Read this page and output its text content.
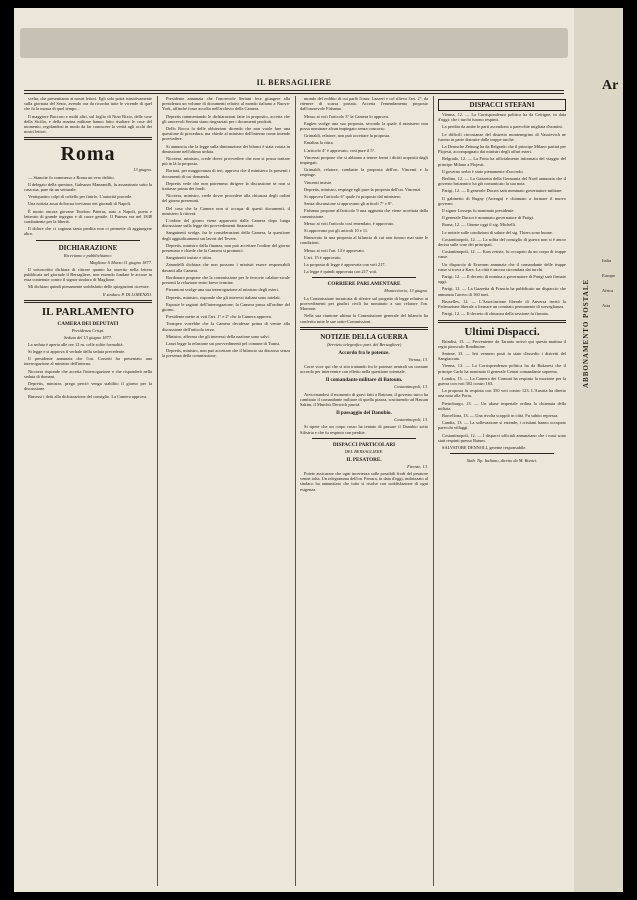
IL BERSAGLIERE

scelta, che presentiamo ai nostri lettori. Egli solo potrà istruttivamente sulla giornata del Sesto, avendo ora da ricordar tutte le vicende di quel che fu la mossa di quel tempo...

Il maggiore Buccaro e molti altri, sul foglio di Nino Bixio, delle cose della Sicilia, e della marina militare hanno fatto risaltare le cose del momento, regolandosi in modo da far conoscere la verità agli occhi dei nostri lettori.

Roma
13 giugno.

— Stanotte fu commesso a Roma un vero delitto.

Il delegato della questura, Galeazzo Manzanilli, fu assassinato sotto la casa sua, pare da un vetturale.

Ventiquattro colpi di coltello per finirlo. L'autorità procede.

Una notizia assai dolorosa troviamo nei giornali di Napoli.

È morto ancora giovane Teodoro Pateras, nato a Napoli, poeta e letterato di grande ingegno e di cuore gentile. Il Pateras era nel 1848 combattente per la libertà.

Il dolore che ci cagiona tanta perdita non ci permette di aggiungere altro.

DICHIARAZIONE
Riceviamo e pubblichiamo:
Maglione li Marzo 11 giugno 1877.

Il sottoscritto dichiara di ritirare quanto ha asserito nella lettera pubblicata nel giornale il Bersagliere, non essendo fondate le accuse in essa contenute contro il signor sindaco di Maglione.

Mi dichiaro quindi pienamente soddisfatto delle spiegazioni ricevute.

Il sindaco P. DI LORENZO.
IL PARLAMENTO
CAMERA DEI DEPUTATI
Presidenza Crispi.
Seduta del 13 giugno 1877.

La seduta è aperta alle ore 12 m. colle solite formalità.

Si legge e si approva il verbale della seduta precedente.

Il presidente annunzia che l'on. Corsetti ha presentato una interrogazione al ministro dell'interno.

Nicotera risponde che accetta l'interrogazione e che risponderà nella seduta di domani.

Depretis, ministro, prega perciò venga stabilito il giorno per la discussione.

Rimessi i detti alla dichiarazione del consiglio. La Camera approva.

Presidente annunzia che l'onorevole Sertani fece giungere alla presidenza un volume di documenti relativi al mondo italiano a Nuova-York, affinché fosse accolto nell'archivio della Camera.

Depretis rammentando le dichiarazioni fatte in proposito, accetta che gli onorevoli Sertani siano ringraziati per i documenti prodotti.

Dello Rocca fa delle obbiezioni dicendo che non vuole fare una questione di procedura, ma chiede al ministro dell'interno come intende provvedere.

Si annuncia che la legge sulla diminuzione dei bilanci è stata votata in dimissione nell'ultima seduta.

Nicotera, ministro, crede dover provvedere che non si possa trattare più in là la proposta.

Bortani, per maggioranza di ieri, approva che il ministero fa presenti i documenti di cui domanda.

Depretis vede che non potremmo dirigere la discussione se non si trattasse prima dei fondi.

Nicotera, ministro, crede dover procedere alla chiusura degli ordini del giorno presentati.

Del caso che la Camera non si occupa di questi documenti, il ministero li ritirerà.

L'ordine del giorno viene approvato dalla Camera dopo lunga discussione sulla legge dei provvedimenti finanziari.

Sanguinetti svolge, fra le considerazioni della Camera, la questione degli aggiudicamenti sui lavori del Tevere.

Depretis, ministro dalla finanza, non può accettare l'ordine del giorno presentato e chiede che la Camera si pronunci.

Sanguinetti insiste e ritira.

Zanardelli dichiara che non possono i ministri essere responsabili davanti alla Camera.

Bordonaro propone che la commissione per le ferrovie calabro-sicule presenti la relazione entro breve termine.

Pierantoni svolge una sua interrogazione al ministro degli esteri.

Depretis, ministro, risponde che gli interessi italiani sono tutelati.

Esposte le ragioni dell'interrogazione, la Camera passa all'ordine del giorno.

Presidente mette ai voti l'art. 1° e 2° che la Camera approva.

Trompeo vorrebbe che la Camera decidesse prima di venire alla discussione dell'articolo terzo.

Ministro, afferma che gli interessi della nazione sono salvi.

Lanzi legge la relazione sui provvedimenti pel comune di Tunisi.

Depretis, ministro, non può accettare che il bilancio sia discusso senza la presenza della commissione.

mondo del reddito di cui parlò l'onor. Lazzeri e col rilievo l'art. 2°, da ritenere di scarsa portata. Accetta l'emendamento proposto dall'onorevole Fishamo.

Messo ai voti l'articolo 3° la Camera lo approva.

Englen svolge una sua proposta, secondo la quale il ministero non possa nominare alcun impiegato senza concorso.

Grimaldi, relatore, non può accettare la proposta.

Emalina la ritira.

L'articolo 4° è approvato, così pure il 5°.

Vincenzi propone che si abbiano a tenere fermi i diritti acquisiti dagli impiegati.

Grimaldi, relatore, combatte la proposta dell'on. Vincenti e la respinge.

Vincenti insiste.

Depretis, ministro, respinge egli pure la proposta dell'on. Vincenzi.

Si approva l'articolo 6° quale fu proposto dal ministero.

Senza discussione si approvano gli articoli 7° e 8°.

Fishamo propone all'articolo 9 una aggiunta che viene accettata dalla commissione.

Messo ai voti l'articolo così emendato, è approvato.

Si approvano poi gli articoli 10 e 11.

Rinnovato fa una proposta al bilancio di cui non furono mai state le condizioni.

Messo ai voti l'art. 14 è approvato.

L'art. 15 è approvato.

La proposta di legge è approvata con voti 217.

La legge è quindi approvata con 217 voti.

CORRIERE PARLAMENTARE
Montecitorio, 13 giugno.

La Commissione incaricata di riferire sul progetto di legge relativo ai provvedimenti pei giudici civili ha nominato a suo relatore l'on. Morrone.

Nella sua riunione ultima la Commissione generale del bilancio ha conferito tutte le sue sotto-Commissioni.

NOTIZIE DELLA GUERRA
(Servizio telegrafico part. del Bersagliere)
Accordo fra le potenze.
Vienna, 13.

Corre voce qui che si stia trattando fra le potenze neutrali un comune accordo per intervenire con effetto nella questione orientale.

Il comandante militare di Batoum.
Costantinopoli, 13.

Avvicinandosi il momento di gravi fatti a Batoum, il governo turco ha cambiato il comandante militare di quella piazza, sostituendo ad Hassan Sakim, il Mutchir Derwich pascià.

Il passaggio del Danubio.
Costantinopoli, 13.

Si ripete che un corpo russo ha tentato di passare il Danubio sotto Silistria e che fu respinto con perdite.

DISPACCI PARTICOLARI
DEL BERSAGLIERE.
IL PESATORE.
Firenze, 13.

Potete assicurare che ogni incertezza sulle possibili frodi del pesatore venne tolta. Un telegramma dell'on. Ferrara, in data d'oggi, indirizzato al sindaco ha annunziato che tutto si risolse con soddisfazione di ogni esigenza.

DISPACCI STEFANI

Vienna, 12. — La Corrispondenza politica ha da Cettigne, in data d'oggi: che i turchi furono respinti.

La perdita da ambe le parti ascendono a parecchie migliaia d'uomini.

Le difficili circostanze del distretto montenegrino di Vasoievich ne furono in parte distrutte dalle truppe turche.

La Deutsche Zeitung ha da Belgrado che il principe Milano partirà per Plojesti, accompagnato dai ministri degli affari esteri.

Belgrado, 12. — La Porta ha ufficialmente informato del viaggio del principe Milano a Plojesti.

Il governo serbo è stato pienamente d'accordo.

Berlino, 12. — La Gazzetta della Germania del Nord annunzia che il governo britannico ha già comunicato la sua nota.

Parigi, 12. — Il generale Ducrot sarà nominato governatore militare.

Il gabinetto di Rugny (Arteaga) e chiamato a formare il nuovo governo.

Il signor Lesseps fu nominato presidente.

Il generale Ducrot è nominato governatore di Parigi.

Roma, 12. — Giunse oggi il sig. Michelli.

Le notizie sulle condizioni di salute del sig. Thiers sono buone.

Costantinopoli, 12. — La solita del consiglio di guerra non si è ancor decisa sulle cose dei principati.

Costantinopoli, 12. — Kars resiste, fu occupato da un corpo di truppe russe.

Un dispaccio di Erzerum annunzia che il comandante delle truppe russe si trova a Kars. La città è ancora circondata dai turchi.

Parigi, 12. — Il decreto di nomina a governatore di Parigi sarà firmato oggi.

Parigi, 12. — La Gazzetta di Francia ha pubblicato un dispaccio che annunzia l'arrivo di 160 navi.

Bruxelles, 12. — L'Associazione liberale di Anversa invitò la Federazione liberale a formare un comitato permanente di sorveglianza.

Parigi, 12. — Il decreto di chiusura della sessione fu firmato.

Ultimi Dispacci.

Brindisi, 13. — Proveniente da Taranto arrivò qui questa mattina il regio piroscafo Rondinone.

Smirne, 13. — Ieri vennero posti in stato d'assedio i distretti del Sangiaccato.

Vienna, 13. — La Corrispondenza politica ha da Bukarest che il principe Carlo ha nominato il generale Cernat comandante supremo.

Londra, 13. — La Camera dei Comuni ha respinto la mozione per la guerra con voti 302 contro 163.

La proposta fu respinta con 350 voti contro 123. L'Austria ha diretto una nota alla Porta.

Pietroburgo, 13. — Un ukase imperiale ordina la chiamata della milizia.

Barcellona, 13. — Una rivolta scoppiò in città. Fu subito repressa.

Candia, 13. — La sollevazione si estende; i cristiani hanno occupato parecchi villaggi.

Costantinopoli, 12. — I dispacci ufficiali annunziano che i russi sono stati respinti presso Batum.

SALVATORE DENNOLI, gerente responsabile.

Stab. Tip. Italiano, diretto da M. Bonici.
ABBONAMENTO POSTALE
Ar
Italia
Europa
Africa
Asia
